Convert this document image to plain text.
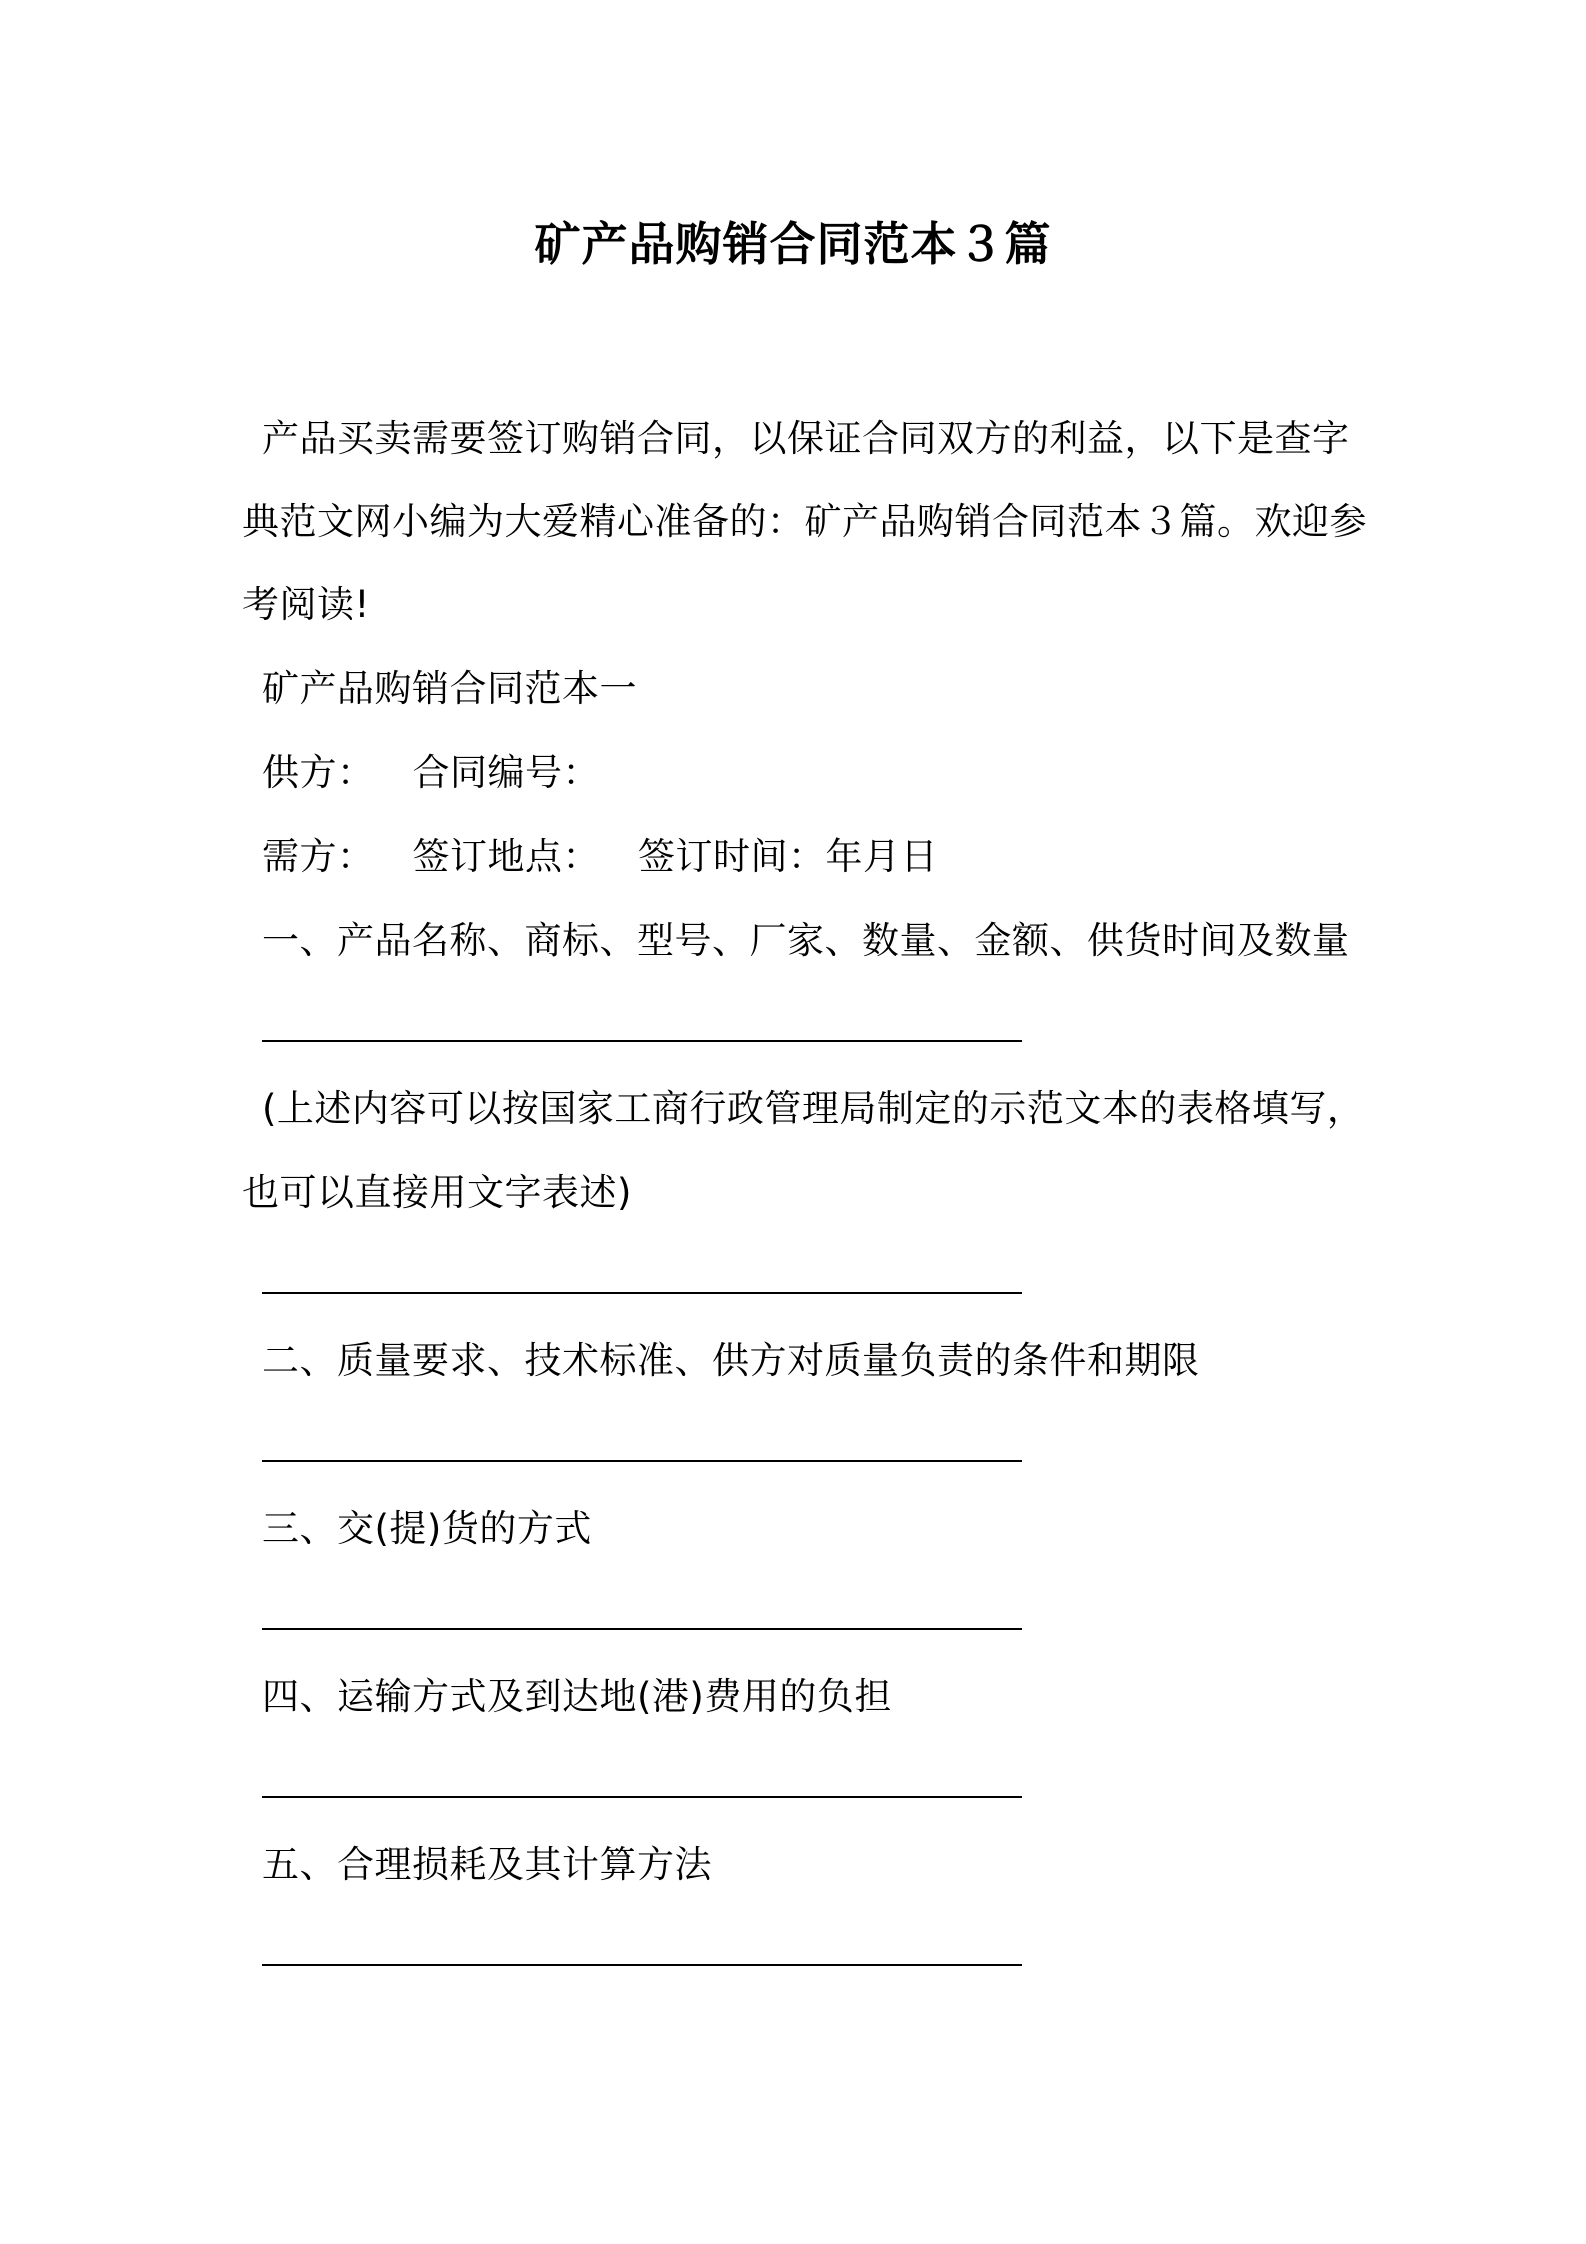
矿产品购销合同范本３篇
产品买卖需要签订购销合同，以保证合同双方的利益，以下是查字
典范文网小编为大爱精心准备的：矿产品购销合同范本３篇。欢迎参
考阅读!
矿产品购销合同范本一
供方： 合同编号：
需方： 签订地点： 签订时间：年月日
一、产品名称、商标、型号、厂家、数量、金额、供货时间及数量
(上述内容可以按国家工商行政管理局制定的示范文本的表格填写，
也可以直接用文字表述)
二、质量要求、技术标准、供方对质量负责的条件和期限
三、交(提)货的方式
四、运输方式及到达地(港)费用的负担
五、合理损耗及其计算方法
